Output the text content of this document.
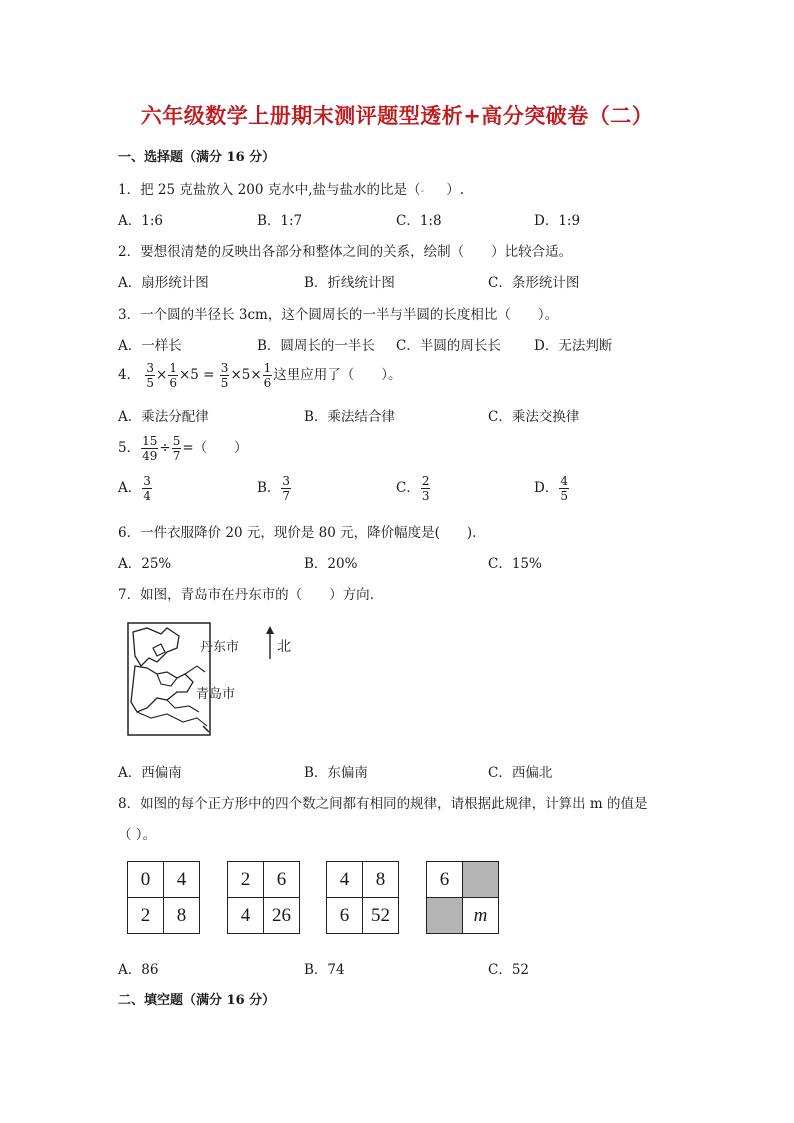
六年级数学上册期末测评题型透析+高分突破卷（二）
一、选择题（满分 16 分）
1．把 25 克盐放入 200 克水中,盐与盐水的比是（- ）.
A．1:6	B．1:7	C．1:8	D．1:9
2．要想很清楚的反映出各部分和整体之间的关系，绘制（　　）比较合适。
A．扇形统计图	B．折线统计图	C．条形统计图
3．一个圆的半径长 3cm，这个圆周长的一半与半圆的长度相比（　　）。
A．一样长	B．圆周长的一半长 C．半圆的周长长 D．无法判断
4． $\frac{3}{5} \times \frac{1}{6} \times 5 = \frac{3}{5} \times 5\times \frac{1}{6}$ 这里应用了（　　）。
A．乘法分配律	B．乘法结合律	C．乘法交换律
5． $\frac{15}{49} \div \frac{5}{7}$ =（　　）
A． $\frac{3}{4}$	B． $\frac{3}{7}$	C． $\frac{2}{3}$	D． $\frac{4}{5}$
6．一件衣服降价 20 元，现价是 80 元，降价幅度是(　　).
A．25%	B．20%	C．15%
7．如图，青岛市在丹东市的（　　）方向.
丹东市
青岛市
北
A．西偏南	B．东偏南	C．西偏北
8．如图的每个正方形中的四个数之间都有相同的规律，请根据此规律，计算出 m 的值是
（ ）。
0	4
2	8
2	6
4	26
4	8
6	52
6	
	m
A．86	B．74	C．52
二、填空题（满分 16 分）
